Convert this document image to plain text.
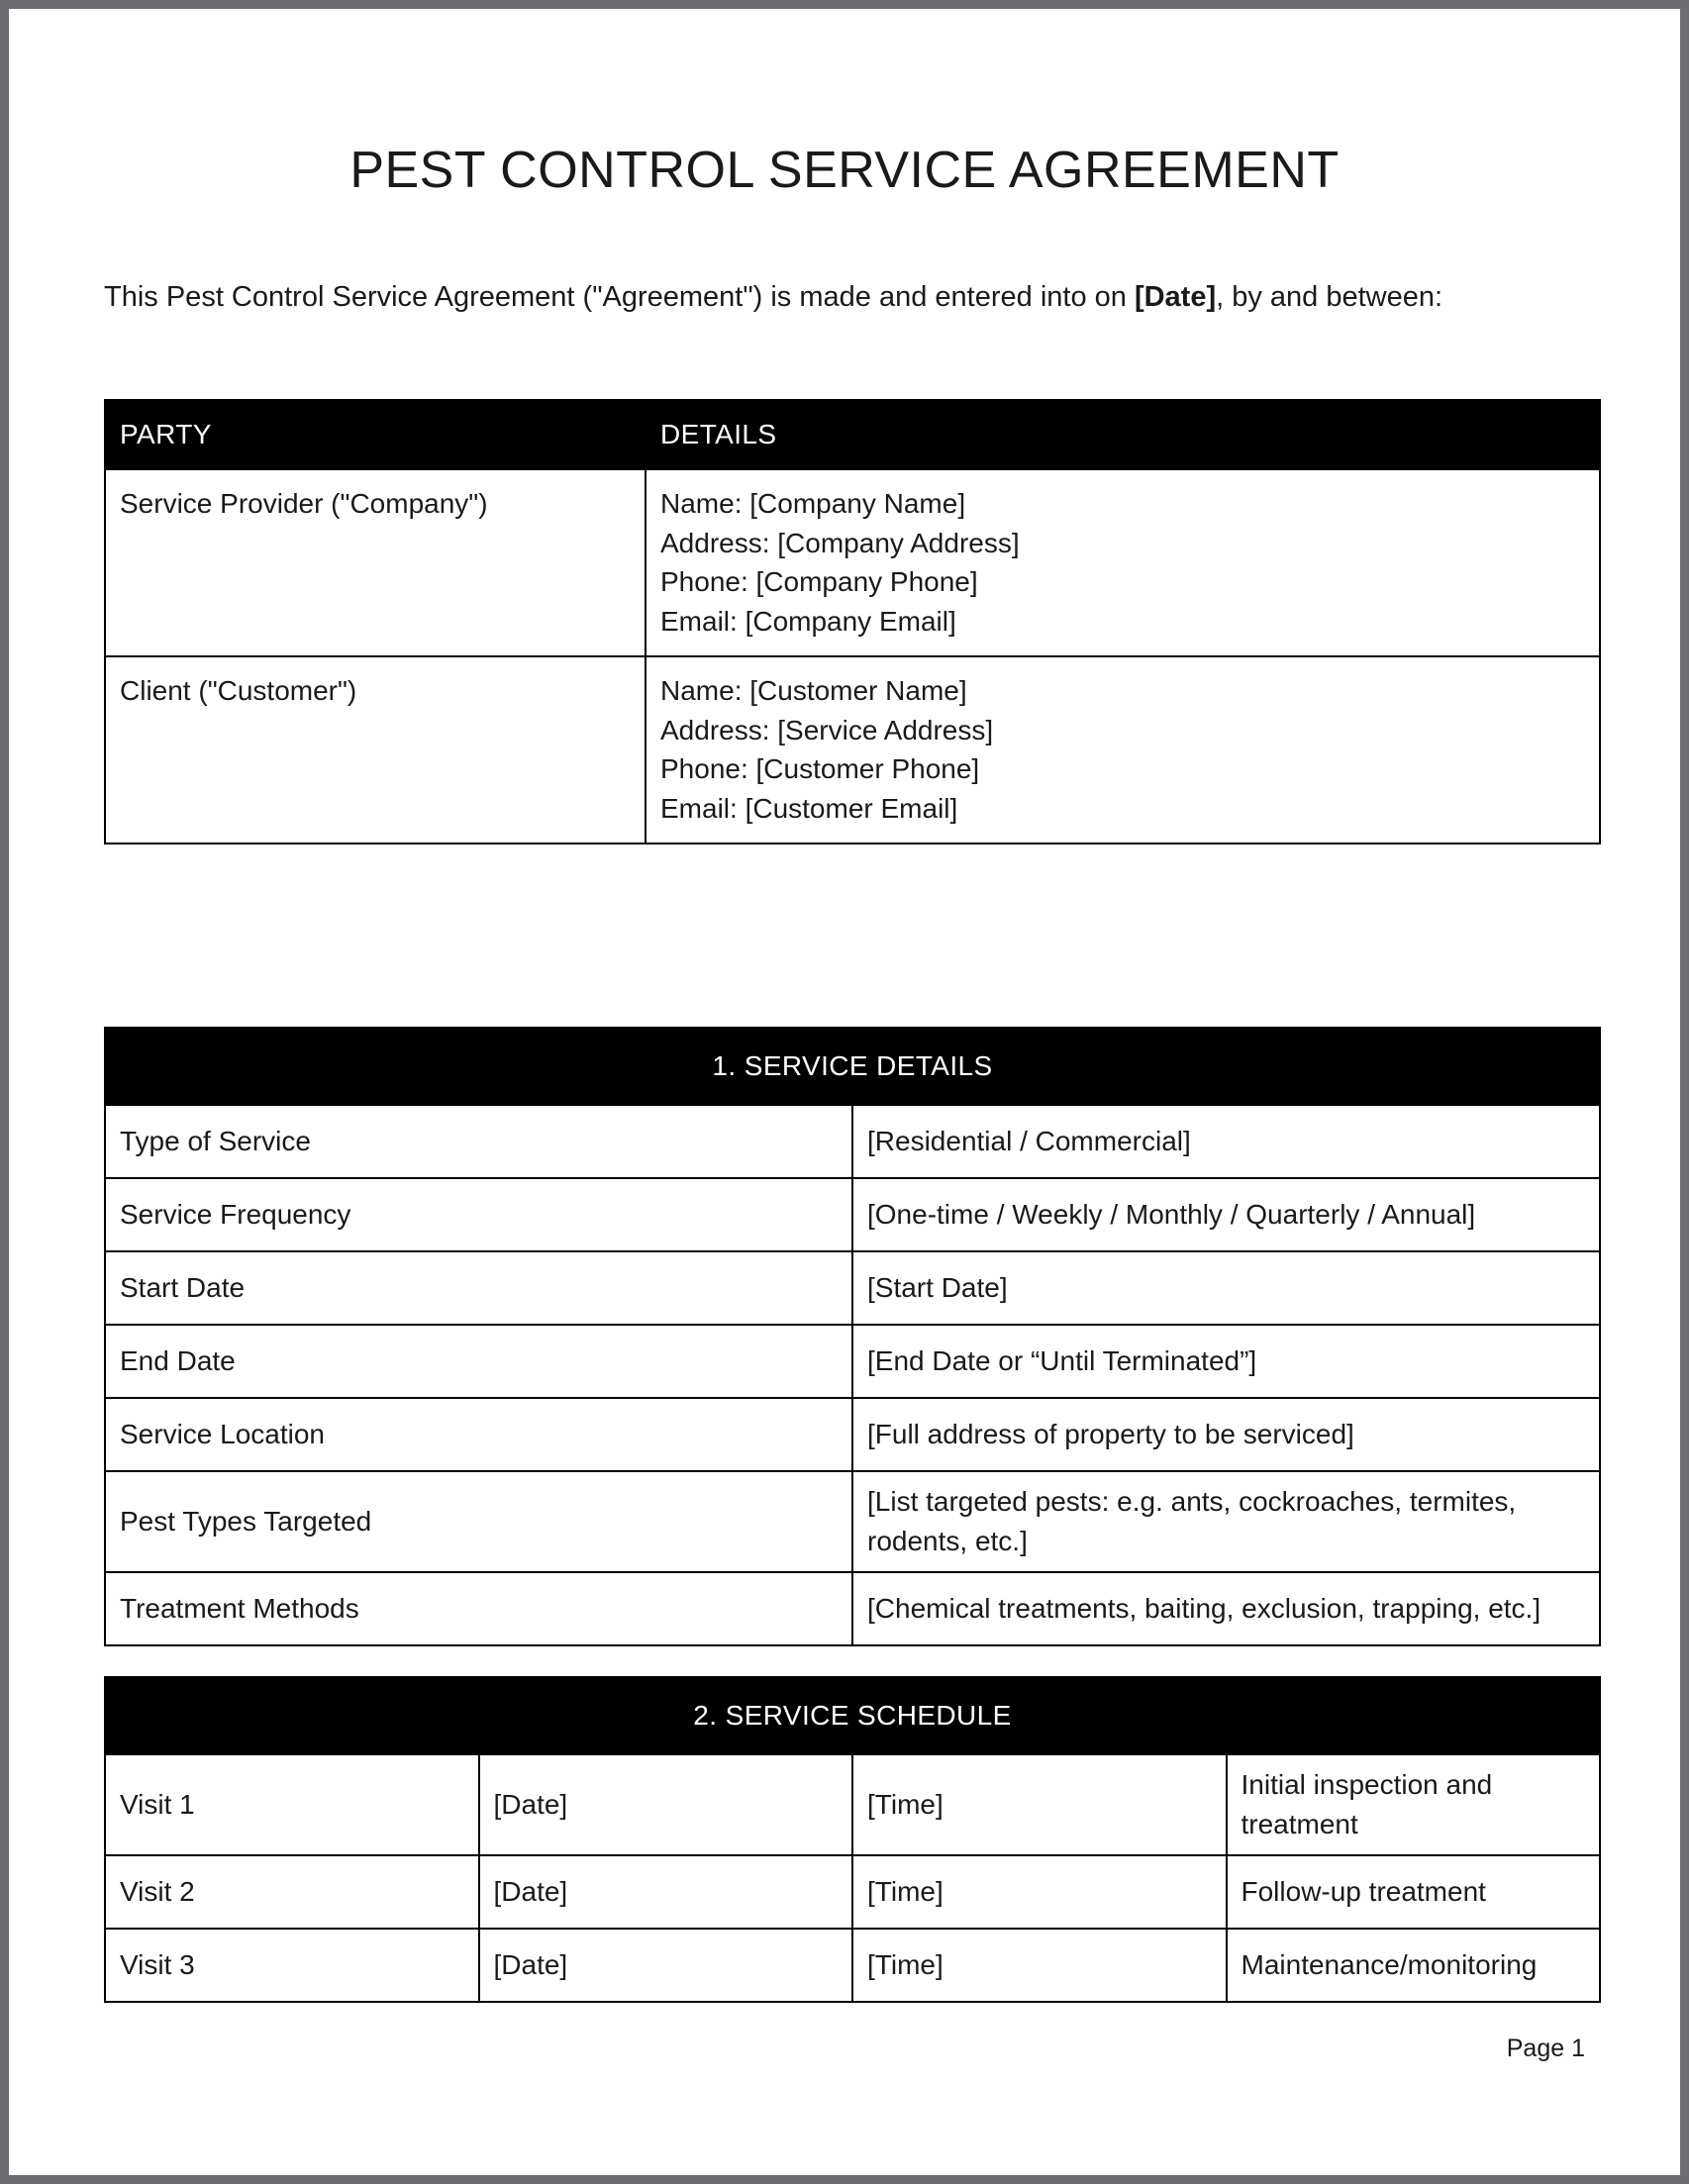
PEST CONTROL SERVICE AGREEMENT

This Pest Control Service Agreement ("Agreement") is made and entered into on [Date], by and between:

PARTY	DETAILS
Service Provider ("Company")	Name: [Company Name]
Address: [Company Address]
Phone: [Company Phone]
Email: [Company Email]

Client ("Customer")	Name: [Customer Name]
Address: [Service Address]
Phone: [Customer Phone]
Email: [Customer Email]
1. SERVICE DETAILS	
Type of Service	[Residential / Commercial]
Service Frequency	[One-time / Weekly / Monthly / Quarterly / Annual]
Start Date	[Start Date]
End Date	[End Date or “Until Terminated”]
Service Location	[Full address of property to be serviced]
Pest Types Targeted	[List targeted pests: e.g. ants, cockroaches, termites, rodents, etc.]
Treatment Methods	[Chemical treatments, baiting, exclusion, trapping, etc.]
2. SERVICE SCHEDULE			
Visit 1	[Date]	[Time]	Initial inspection and treatment
Visit 2	[Date]	[Time]	Follow-up treatment
Visit 3	[Date]	[Time]	Maintenance/monitoring
Page 1
